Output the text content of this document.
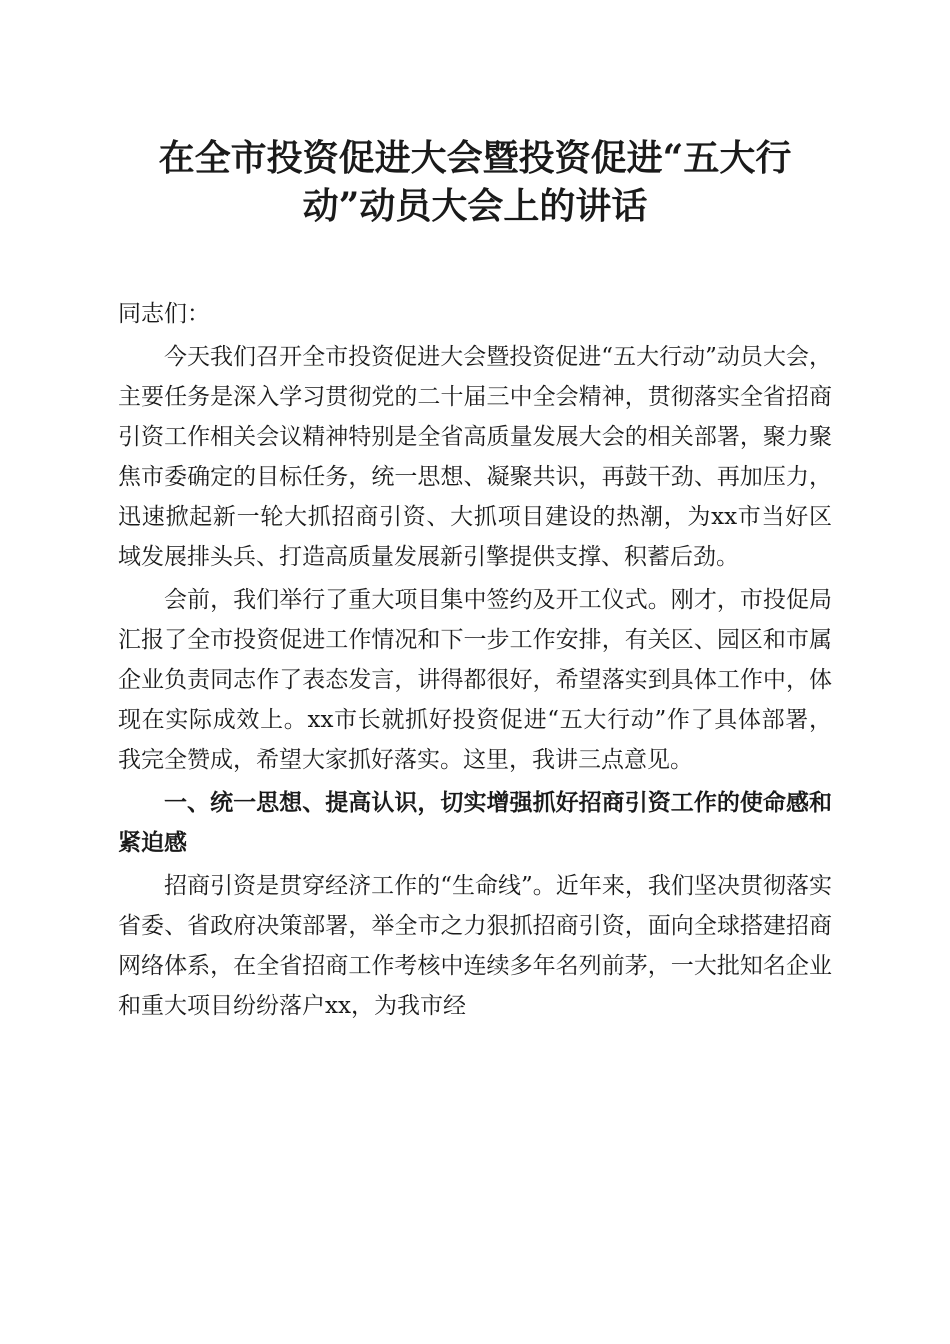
在全市投资促进大会暨投资促进“五大行动”动员大会上的讲话

同志们：

今天我们召开全市投资促进大会暨投资促进“五大行动”动员大会，主要任务是深入学习贯彻党的二十届三中全会精神，贯彻落实全省招商引资工作相关会议精神特别是全省高质量发展大会的相关部署，聚力聚焦市委确定的目标任务，统一思想、凝聚共识，再鼓干劲、再加压力，迅速掀起新一轮大抓招商引资、大抓项目建设的热潮，为xx市当好区域发展排头兵、打造高质量发展新引擎提供支撑、积蓄后劲。

会前，我们举行了重大项目集中签约及开工仪式。刚才，市投促局汇报了全市投资促进工作情况和下一步工作安排，有关区、园区和市属企业负责同志作了表态发言，讲得都很好，希望落实到具体工作中，体现在实际成效上。xx市长就抓好投资促进“五大行动”作了具体部署，我完全赞成，希望大家抓好落实。这里，我讲三点意见。

一、统一思想、提高认识，切实增强抓好招商引资工作的使命感和紧迫感

招商引资是贯穿经济工作的“生命线”。近年来，我们坚决贯彻落实省委、省政府决策部署，举全市之力狠抓招商引资，面向全球搭建招商网络体系，在全省招商工作考核中连续多年名列前茅，一大批知名企业和重大项目纷纷落户xx，为我市经
